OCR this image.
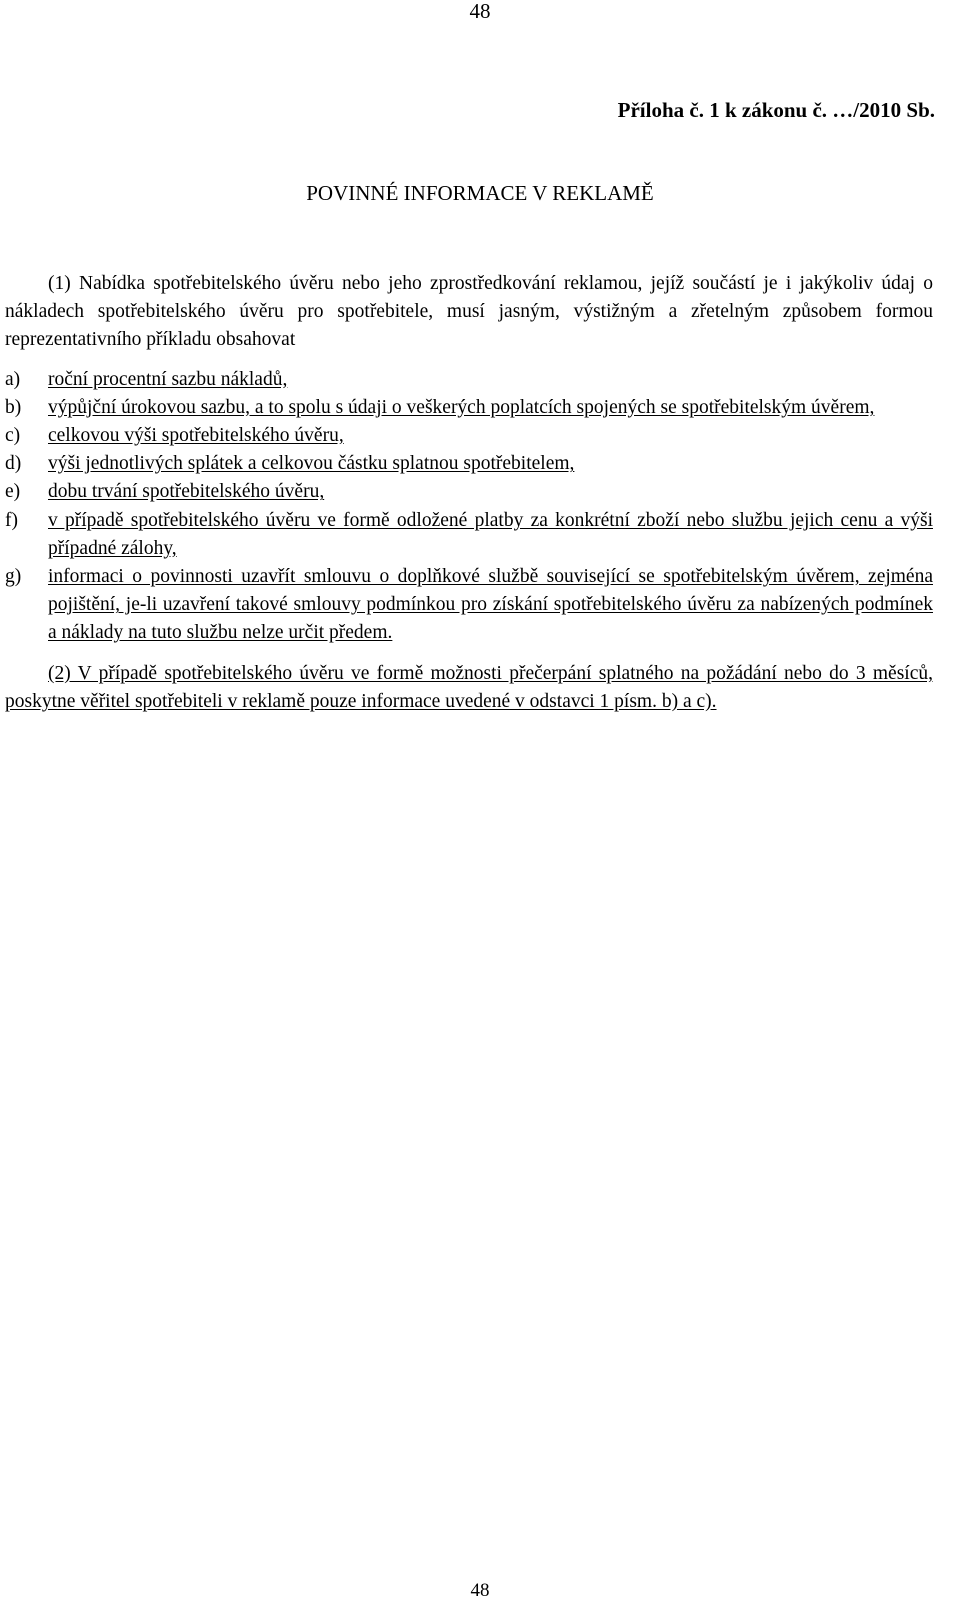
48
Příloha č. 1 k zákonu č. …/2010 Sb.
POVINNÉ INFORMACE V REKLAMĚ

(1) Nabídka spotřebitelského úvěru nebo jeho zprostředkování reklamou, jejíž součástí je i jakýkoliv údaj o nákladech spotřebitelského úvěru pro spotřebitele, musí jasným, výstižným a zřetelným způsobem formou reprezentativního příkladu obsahovat

a) roční procentní sazbu nákladů,
b) výpůjční úrokovou sazbu, a to spolu s údaji o veškerých poplatcích spojených se spotřebitelským úvěrem,
c) celkovou výši spotřebitelského úvěru,
d) výši jednotlivých splátek a celkovou částku splatnou spotřebitelem,
e) dobu trvání spotřebitelského úvěru,
f) v případě spotřebitelského úvěru ve formě odložené platby za konkrétní zboží nebo službu jejich cenu a výši případné zálohy,
g) informaci o povinnosti uzavřít smlouvu o doplňkové službě související se spotřebitelským úvěrem, zejména pojištění, je-li uzavření takové smlouvy podmínkou pro získání spotřebitelského úvěru za nabízených podmínek a náklady na tuto službu nelze určit předem.

(2) V případě spotřebitelského úvěru ve formě možnosti přečerpání splatného na požádání nebo do 3 měsíců, poskytne věřitel spotřebiteli v reklamě pouze informace uvedené v odstavci 1 písm. b) a c).

48
